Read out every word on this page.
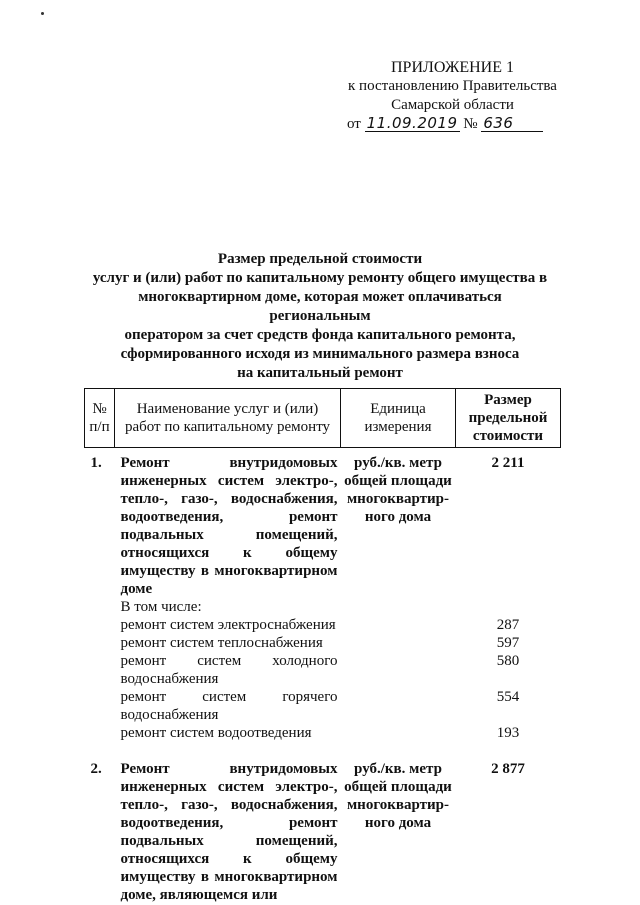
ПРИЛОЖЕНИЕ 1
к постановлению Правительства
Самарской области
от 11.09.2019 № 636
Размер предельной стоимости
услуг и (или) работ по капитальному ремонту общего имущества в
многоквартирном доме, которая может оплачиваться региональным
оператором за счет средств фонда капитального ремонта,
сформированного исходя из минимального размера взноса
на капитальный ремонт
№ п/п	Наименование услуг и (или) работ по капитальному ремонту	Единица измерения	Размер предельной стоимости
1.	Ремонт внутридомовых инженерных систем электро-, тепло-, газо-, водоснабжения, водоотведения, ремонт подвальных помещений, относящихся к общему имуществу в многоквартирном доме	руб./кв. метр общей площади многоквартир-ного дома	2 211

	В том числе:		

	ремонт систем электроснабжения		287

	ремонт систем теплоснабжения		597

	ремонт систем холодного
водоснабжения		580

	ремонт систем горячего
водоснабжения		554

	ремонт систем водоотведения		193

2.	Ремонт внутридомовых инженерных систем электро-, тепло-, газо-, водоснабжения, водоотведения, ремонт подвальных помещений, относящихся к общему имуществу в многоквартирном доме, являющемся или	руб./кв. метр общей площади многоквартир-ного дома	2 877
